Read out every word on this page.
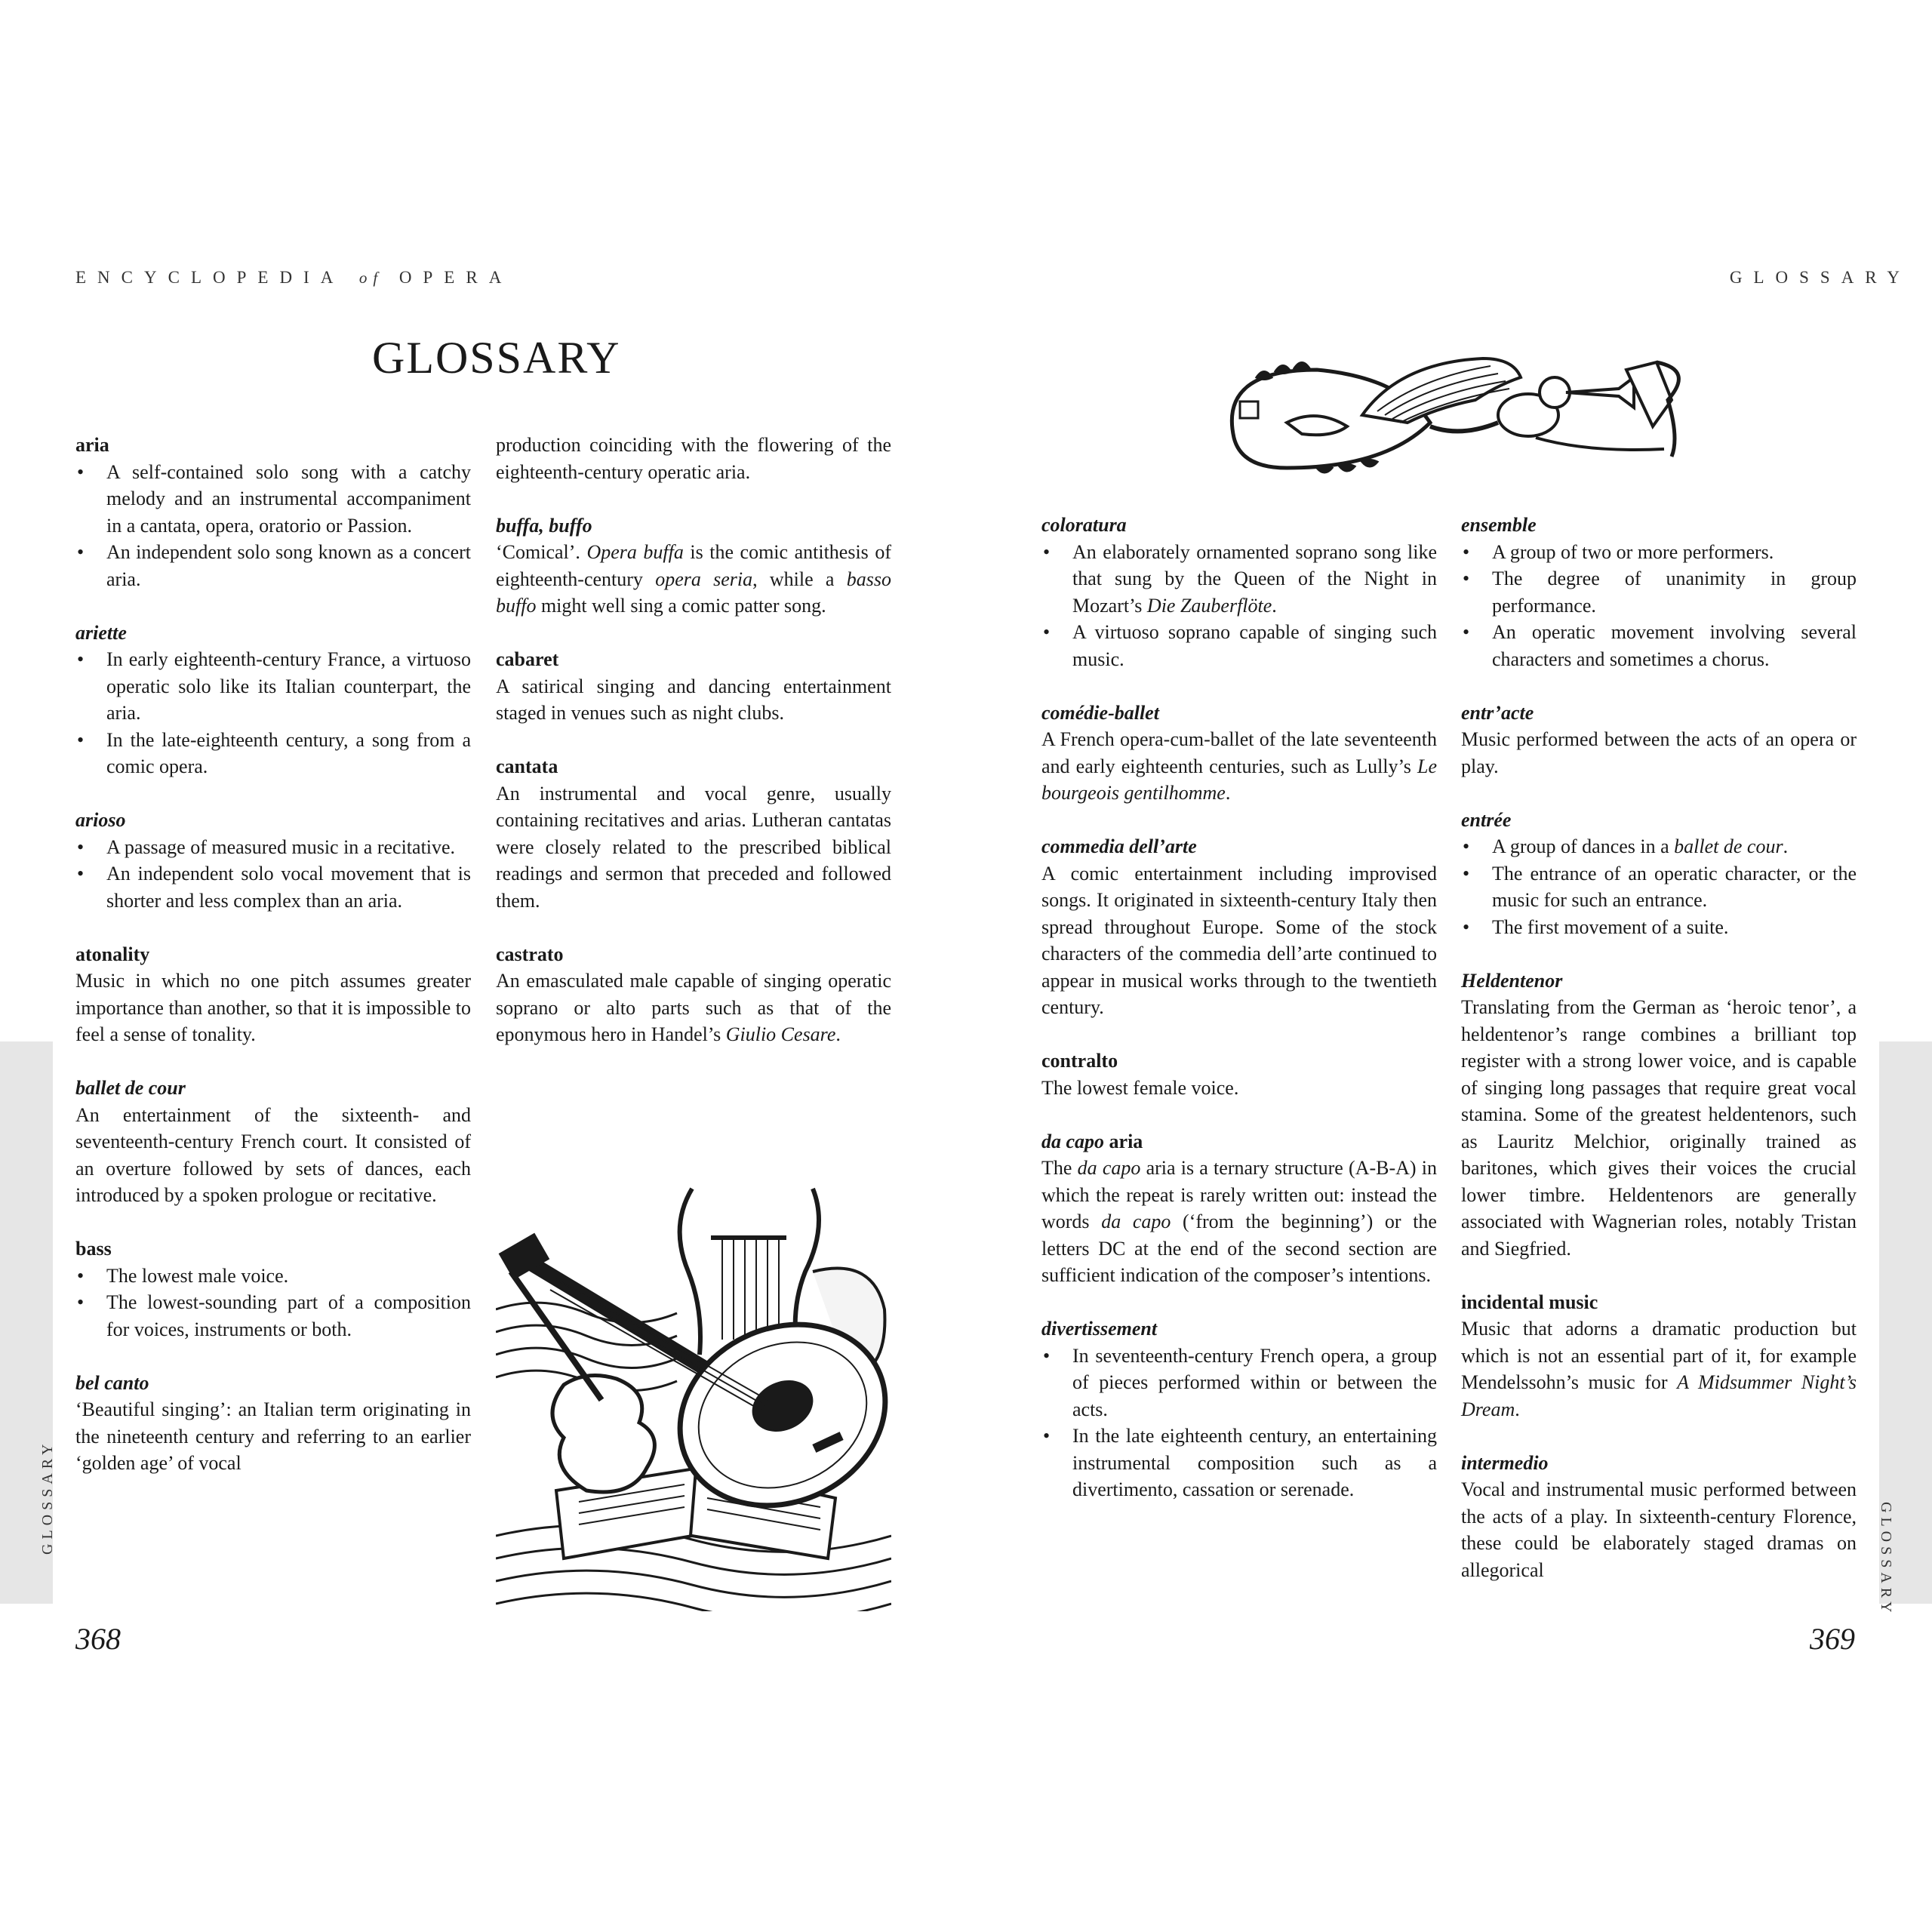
ENCYCLOPEDIA of OPERA	GLOSSARY
GLOSSARY
aria
• A self-contained solo song with a catchy melody and an instrumental accompaniment in a cantata, opera, oratorio or Passion.
• An independent solo song known as a concert aria.
ariette
• In early eighteenth-century France, a virtuoso operatic solo like its Italian counterpart, the aria.
• In the late-eighteenth century, a song from a comic opera.
arioso
• A passage of measured music in a recitative.
• An independent solo vocal movement that is shorter and less complex than an aria.
atonality

Music in which no one pitch assumes greater importance than another, so that it is impossible to feel a sense of tonality.

ballet de cour

An entertainment of the sixteenth- and seventeenth-century French court. It consisted of an overture followed by sets of dances, each introduced by a spoken prologue or recitative.

bass
• The lowest male voice.
• The lowest-sounding part of a composition for voices, instruments or both.
bel canto

‘Beautiful singing’: an Italian term originating in the nineteenth century and referring to an earlier ‘golden age’ of vocal

production coinciding with the flowering of the eighteenth-century operatic aria.

buffa, buffo

‘Comical’. Opera buffa is the comic antithesis of eighteenth-century opera seria, while a basso buffo might well sing a comic patter song.

cabaret

A satirical singing and dancing entertainment staged in venues such as night clubs.

cantata

An instrumental and vocal genre, usually containing recitatives and arias. Lutheran cantatas were closely related to the prescribed biblical readings and sermon that preceded and followed them.

castrato

An emasculated male capable of singing operatic soprano or alto parts such as that of the eponymous hero in Handel’s Giulio Cesare.

coloratura
• An elaborately ornamented soprano song like that sung by the Queen of the Night in Mozart’s Die Zauberflöte.
• A virtuoso soprano capable of singing such music.
comédie-ballet

A French opera-cum-ballet of the late seventeenth and early eighteenth centuries, such as Lully’s Le bourgeois gentilhomme.

commedia dell’arte

A comic entertainment including improvised songs. It originated in sixteenth-century Italy then spread throughout Europe. Some of the stock characters of the commedia dell’arte continued to appear in musical works through to the twentieth century.

contralto

The lowest female voice.

da capo aria

The da capo aria is a ternary structure (A-B-A) in which the repeat is rarely written out: instead the words da capo (‘from the beginning’) or the letters DC at the end of the second section are sufficient indication of the composer’s intentions.

divertissement
• In seventeenth-century French opera, a group of pieces performed within or between the acts.
• In the late eighteenth century, an entertaining instrumental composition such as a divertimento, cassation or serenade.
ensemble
• A group of two or more performers.
• The degree of unanimity in group performance.
• An operatic movement involving several characters and sometimes a chorus.
entr’acte

Music performed between the acts of an opera or play.

entrée
• A group of dances in a ballet de cour.
• The entrance of an operatic character, or the music for such an entrance.
• The first movement of a suite.
Heldentenor

Translating from the German as ‘heroic tenor’, a heldentenor’s range combines a brilliant top register with a strong lower voice, and is capable of singing long passages that require great vocal stamina. Some of the greatest heldentenors, such as Lauritz Melchior, originally trained as baritones, which gives their voices the crucial lower timbre. Heldentenors are generally associated with Wagnerian roles, notably Tristan and Siegfried.

incidental music

Music that adorns a dramatic production but which is not an essential part of it, for example Mendelssohn’s music for A Midsummer Night’s Dream.

intermedio

Vocal and instrumental music performed between the acts of a play. In sixteenth-century Florence, these could be elaborately staged dramas on allegorical

GLOSSARY
GLOSSARY
368	369
